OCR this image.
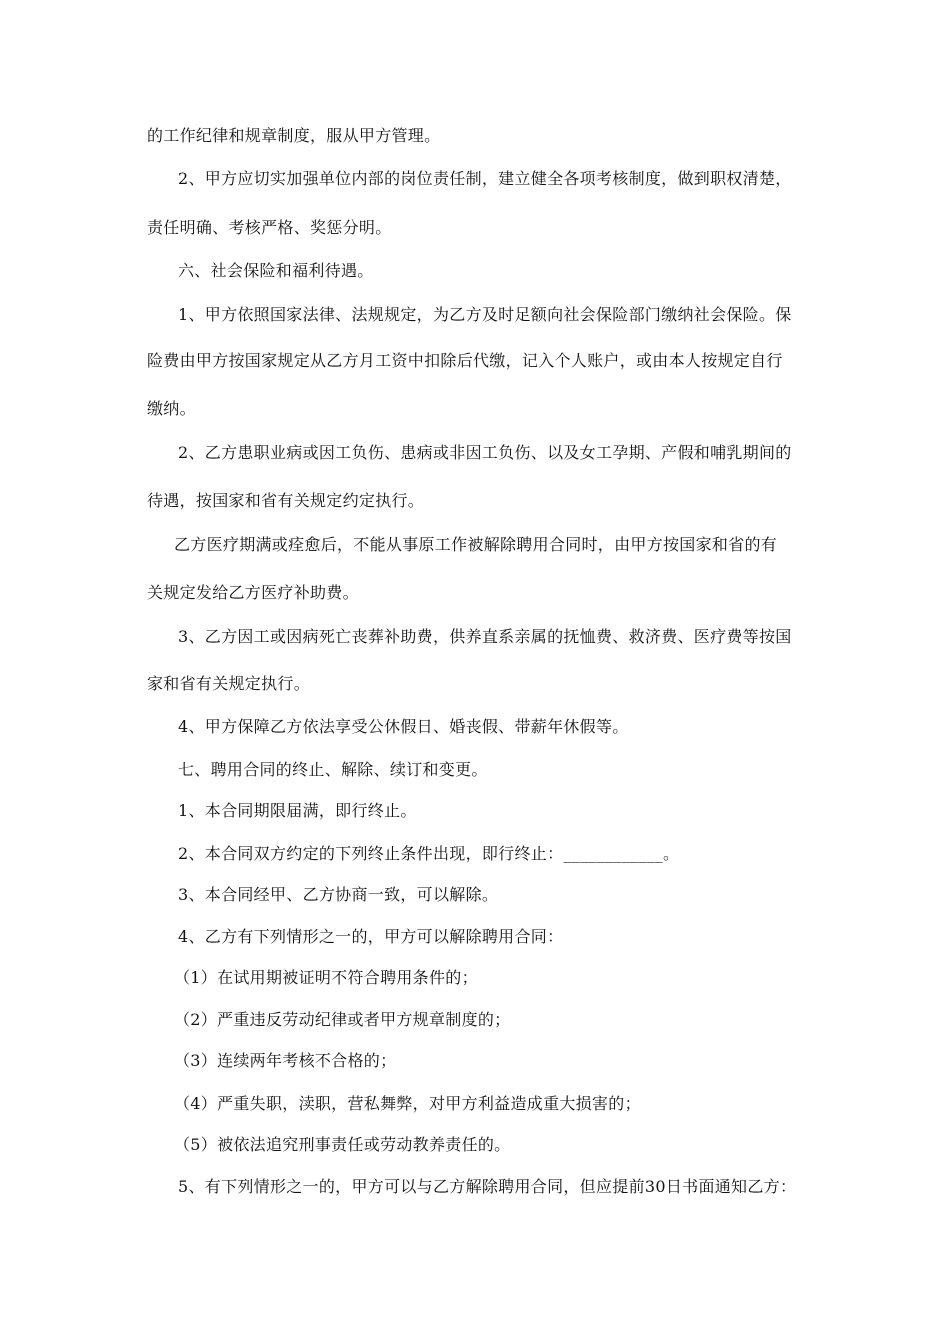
的工作纪律和规章制度，服从甲方管理。
2、甲方应切实加强单位内部的岗位责任制，建立健全各项考核制度，做到职权清楚，
责任明确、考核严格、奖惩分明。
六、社会保险和福利待遇。
1、甲方依照国家法律、法规规定，为乙方及时足额向社会保险部门缴纳社会保险。保
险费由甲方按国家规定从乙方月工资中扣除后代缴，记入个人账户，或由本人按规定自行
缴纳。
2、乙方患职业病或因工负伤、患病或非因工负伤、以及女工孕期、产假和哺乳期间的
待遇，按国家和省有关规定约定执行。
乙方医疗期满或痊愈后，不能从事原工作被解除聘用合同时，由甲方按国家和省的有
关规定发给乙方医疗补助费。
3、乙方因工或因病死亡丧葬补助费，供养直系亲属的抚恤费、救济费、医疗费等按国
家和省有关规定执行。
4、甲方保障乙方依法享受公休假日、婚丧假、带薪年休假等。
七、聘用合同的终止、解除、续订和变更。
1、本合同期限届满，即行终止。
2、本合同双方约定的下列终止条件出现，即行终止：____________。
3、本合同经甲、乙方协商一致，可以解除。
4、乙方有下列情形之一的，甲方可以解除聘用合同：
（1）在试用期被证明不符合聘用条件的；
（2）严重违反劳动纪律或者甲方规章制度的；
（3）连续两年考核不合格的；
（4）严重失职，渎职，营私舞弊，对甲方利益造成重大损害的；
（5）被依法追究刑事责任或劳动教养责任的。
5、有下列情形之一的，甲方可以与乙方解除聘用合同，但应提前30日书面通知乙方：
